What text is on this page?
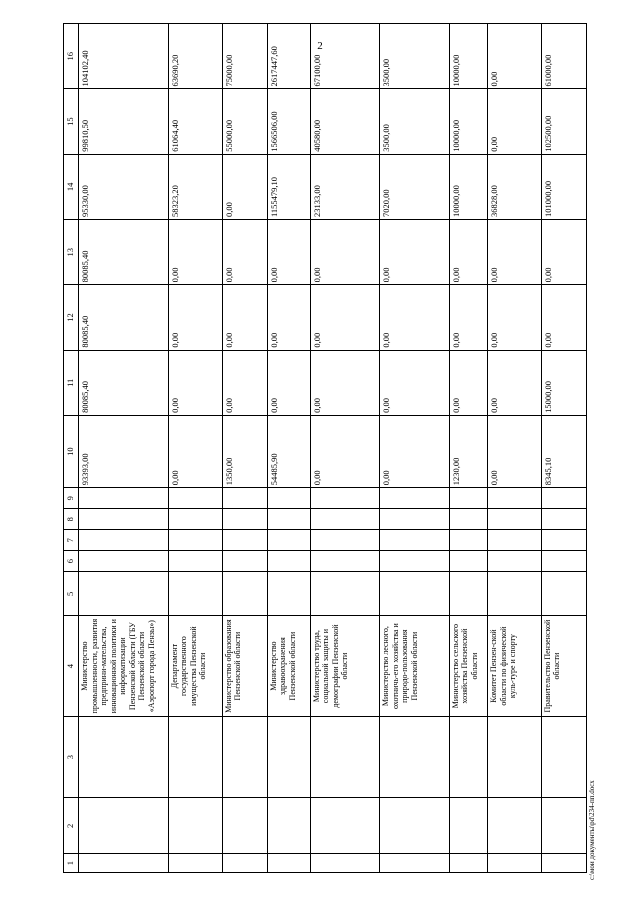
2
1	2	3	4	5	6	7	8	9	10	11	12	13	14	15	16
			Министерство промышленности, развития предприни-мательства, инновационной политики и информатизации Пензенской области (ГБУ Пензенской области «Аэропорт города Пензы»)						93393,00	80085,40	80085,40	80085,40	95330,00	99810,50	104102,40
			Департамент государственного имущества Пензенской области						0,00	0,00	0,00	0,00	58323,20	61064,40	63690,20
			Министерство образования Пензенской области						1350,00	0,00	0,00	0,00	0,00	55000,00	75000,00
			Министерство здравоохранения Пензенской области						54485,90	0,00	0,00	0,00	1155479,10	1566506,00	2617447,60
			Министерство труда, социальной защиты и демографии Пензенской области						0,00	0,00	0,00	0,00	23133,00	40580,00	67100,00
			Министерство лесного, охотничь-его хозяйства и природо-пользования Пензенской области						0,00	0,00	0,00	0,00	7020,00	3500,00	3500,00
			Министерство сельского хозяйства Пензенской области						1230,00	0,00	0,00	0,00	10000,00	10000,00	10000,00
			Комитет Пензен-ской области по физической куль-туре и спорту						0,00	0,00	0,00	0,00	36828,00	0,00	0,00
			Правительство Пензенской области						8345,10	15000,00	0,00	0,00	101000,00	102500,00	61000,00
c:\мои документы\рd\234-пп.docx
